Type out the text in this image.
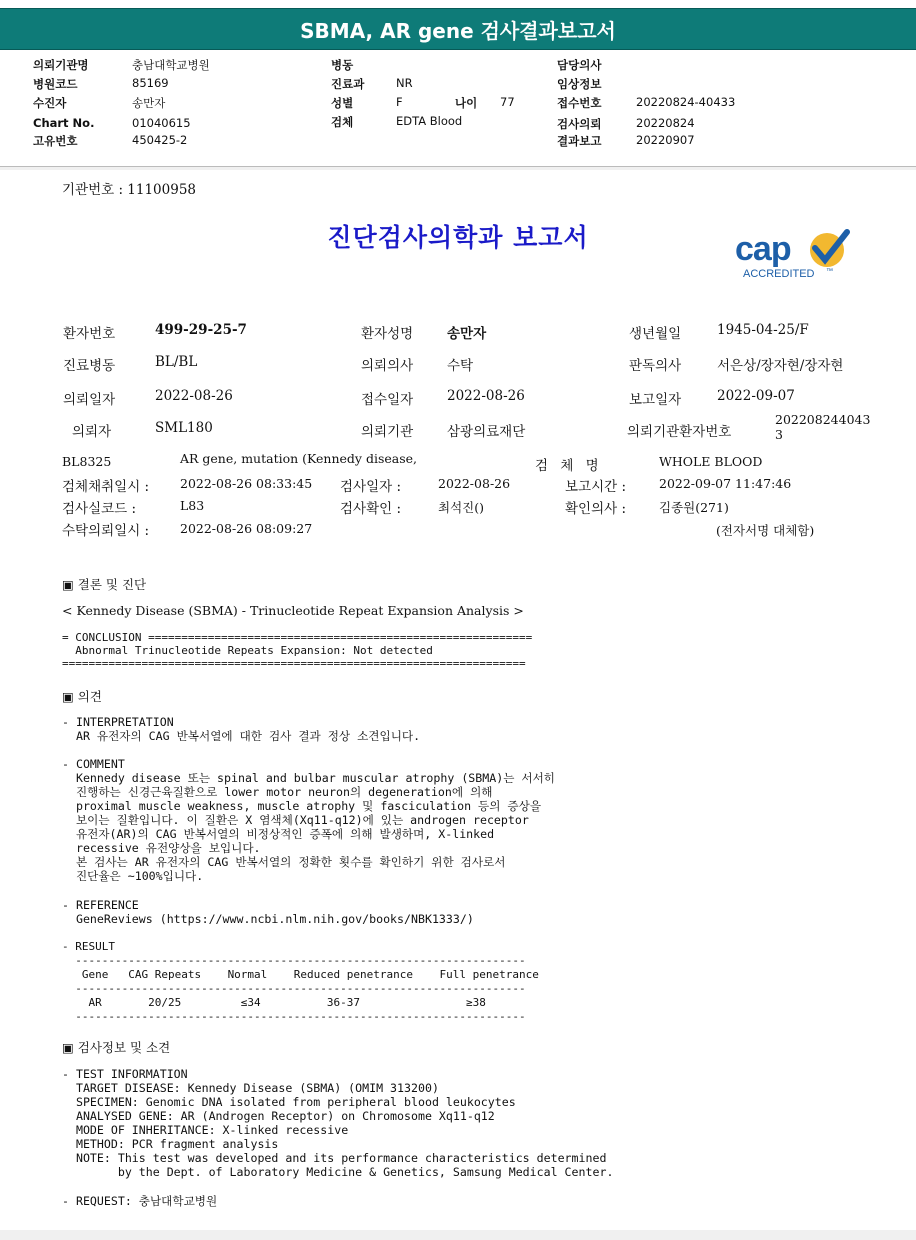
SBMA, AR gene 검사결과보고서
의뢰기관명	충남대학교병원
병원코드	85169
수진자	송만자
Chart No.	01040615
고유번호	450425-2
병동
진료과	NR
성별	F	나이 77
검체	EDTA Blood
담당의사
임상정보
접수번호	20220824-40433
검사의뢰	20220824
결과보고	20220907
기관번호 : 11100958
진단검사의학과 보고서	cap
ACCREDITED ™
환자번호	499-29-25-7	환자성명	송만자	생년월일	1945-04-25/F
진료병동	BL/BL	의뢰의사	수탁	판독의사	서은상/장자현/장자현
의뢰일자	2022-08-26	접수일자	2022-08-26	보고일자	2022-09-07
의뢰자	SML180	의뢰기관	삼광의료재단	의뢰기관환자번호
202208244043
3
BL8325	AR gene, mutation (Kennedy disease,	검 체 명	WHOLE BLOOD
검체채취일시 : 2022-08-26 08:33:45 검사일자 :	2022-08-26	보고시간 :	2022-09-07 11:47:46
검사실코드 :	L83	검사확인 :	최석진()	확인의사 :	김종원(271)
수탁의뢰일시 : 2022-08-26 08:09:27	(전자서명 대체함)
▣ 결론 및 진단
< Kennedy Disease (SBMA) - Trinucleotide Repeat Expansion Analysis >
= CONCLUSION ==========================================================
Abnormal Trinucleotide Repeats Expansion: Not detected
======================================================================
▣ 의견
- INTERPRETATION
AR 유전자의 CAG 반복서열에 대한 검사 결과 정상 소견입니다.
- COMMENT
Kennedy disease 또는 spinal and bulbar muscular atrophy (SBMA)는 서서히
진행하는 신경근육질환으로 lower motor neuron의 degeneration에 의해
proximal muscle weakness, muscle atrophy 및 fasciculation 등의 증상을
보이는 질환입니다. 이 질환은 X 염색체(Xq11-q12)에 있는 androgen receptor
유전자(AR)의 CAG 반복서열의 비정상적인 증폭에 의해 발생하며, X-linked
recessive 유전양상을 보입니다.
본 검사는 AR 유전자의 CAG 반복서열의 정확한 횟수를 확인하기 위한 검사로서
진단율은 ~100%입니다.
- REFERENCE
GeneReviews (https://www.ncbi.nlm.nih.gov/books/NBK1333/)
- RESULT
--------------------------------------------------------------------
Gene   CAG Repeats    Normal    Reduced penetrance    Full penetrance
--------------------------------------------------------------------
AR       20/25         ≤34          36-37                ≥38
--------------------------------------------------------------------
▣ 검사정보 및 소견
- TEST INFORMATION
TARGET DISEASE: Kennedy Disease (SBMA) (OMIM 313200)
SPECIMEN: Genomic DNA isolated from peripheral blood leukocytes
ANALYSED GENE: AR (Androgen Receptor) on Chromosome Xq11-q12
MODE OF INHERITANCE: X-linked recessive
METHOD: PCR fragment analysis
NOTE: This test was developed and its performance characteristics determined
by the Dept. of Laboratory Medicine & Genetics, Samsung Medical Center.
- REQUEST: 충남대학교병원
